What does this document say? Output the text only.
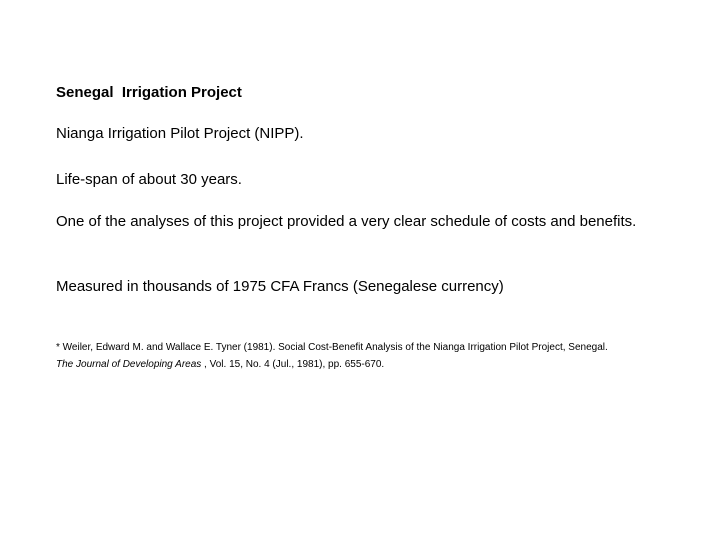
Senegal  Irrigation Project
Nianga Irrigation Pilot Project (NIPP).
Life-span of about 30 years.
One of the analyses of this project provided a very clear schedule of costs and benefits.
Measured in thousands of 1975 CFA Francs (Senegalese currency)
* Weiler, Edward M. and Wallace E. Tyner (1981). Social Cost-Benefit Analysis of the Nianga Irrigation Pilot Project, Senegal.
The Journal of Developing Areas , Vol. 15, No. 4 (Jul., 1981), pp. 655-670.
